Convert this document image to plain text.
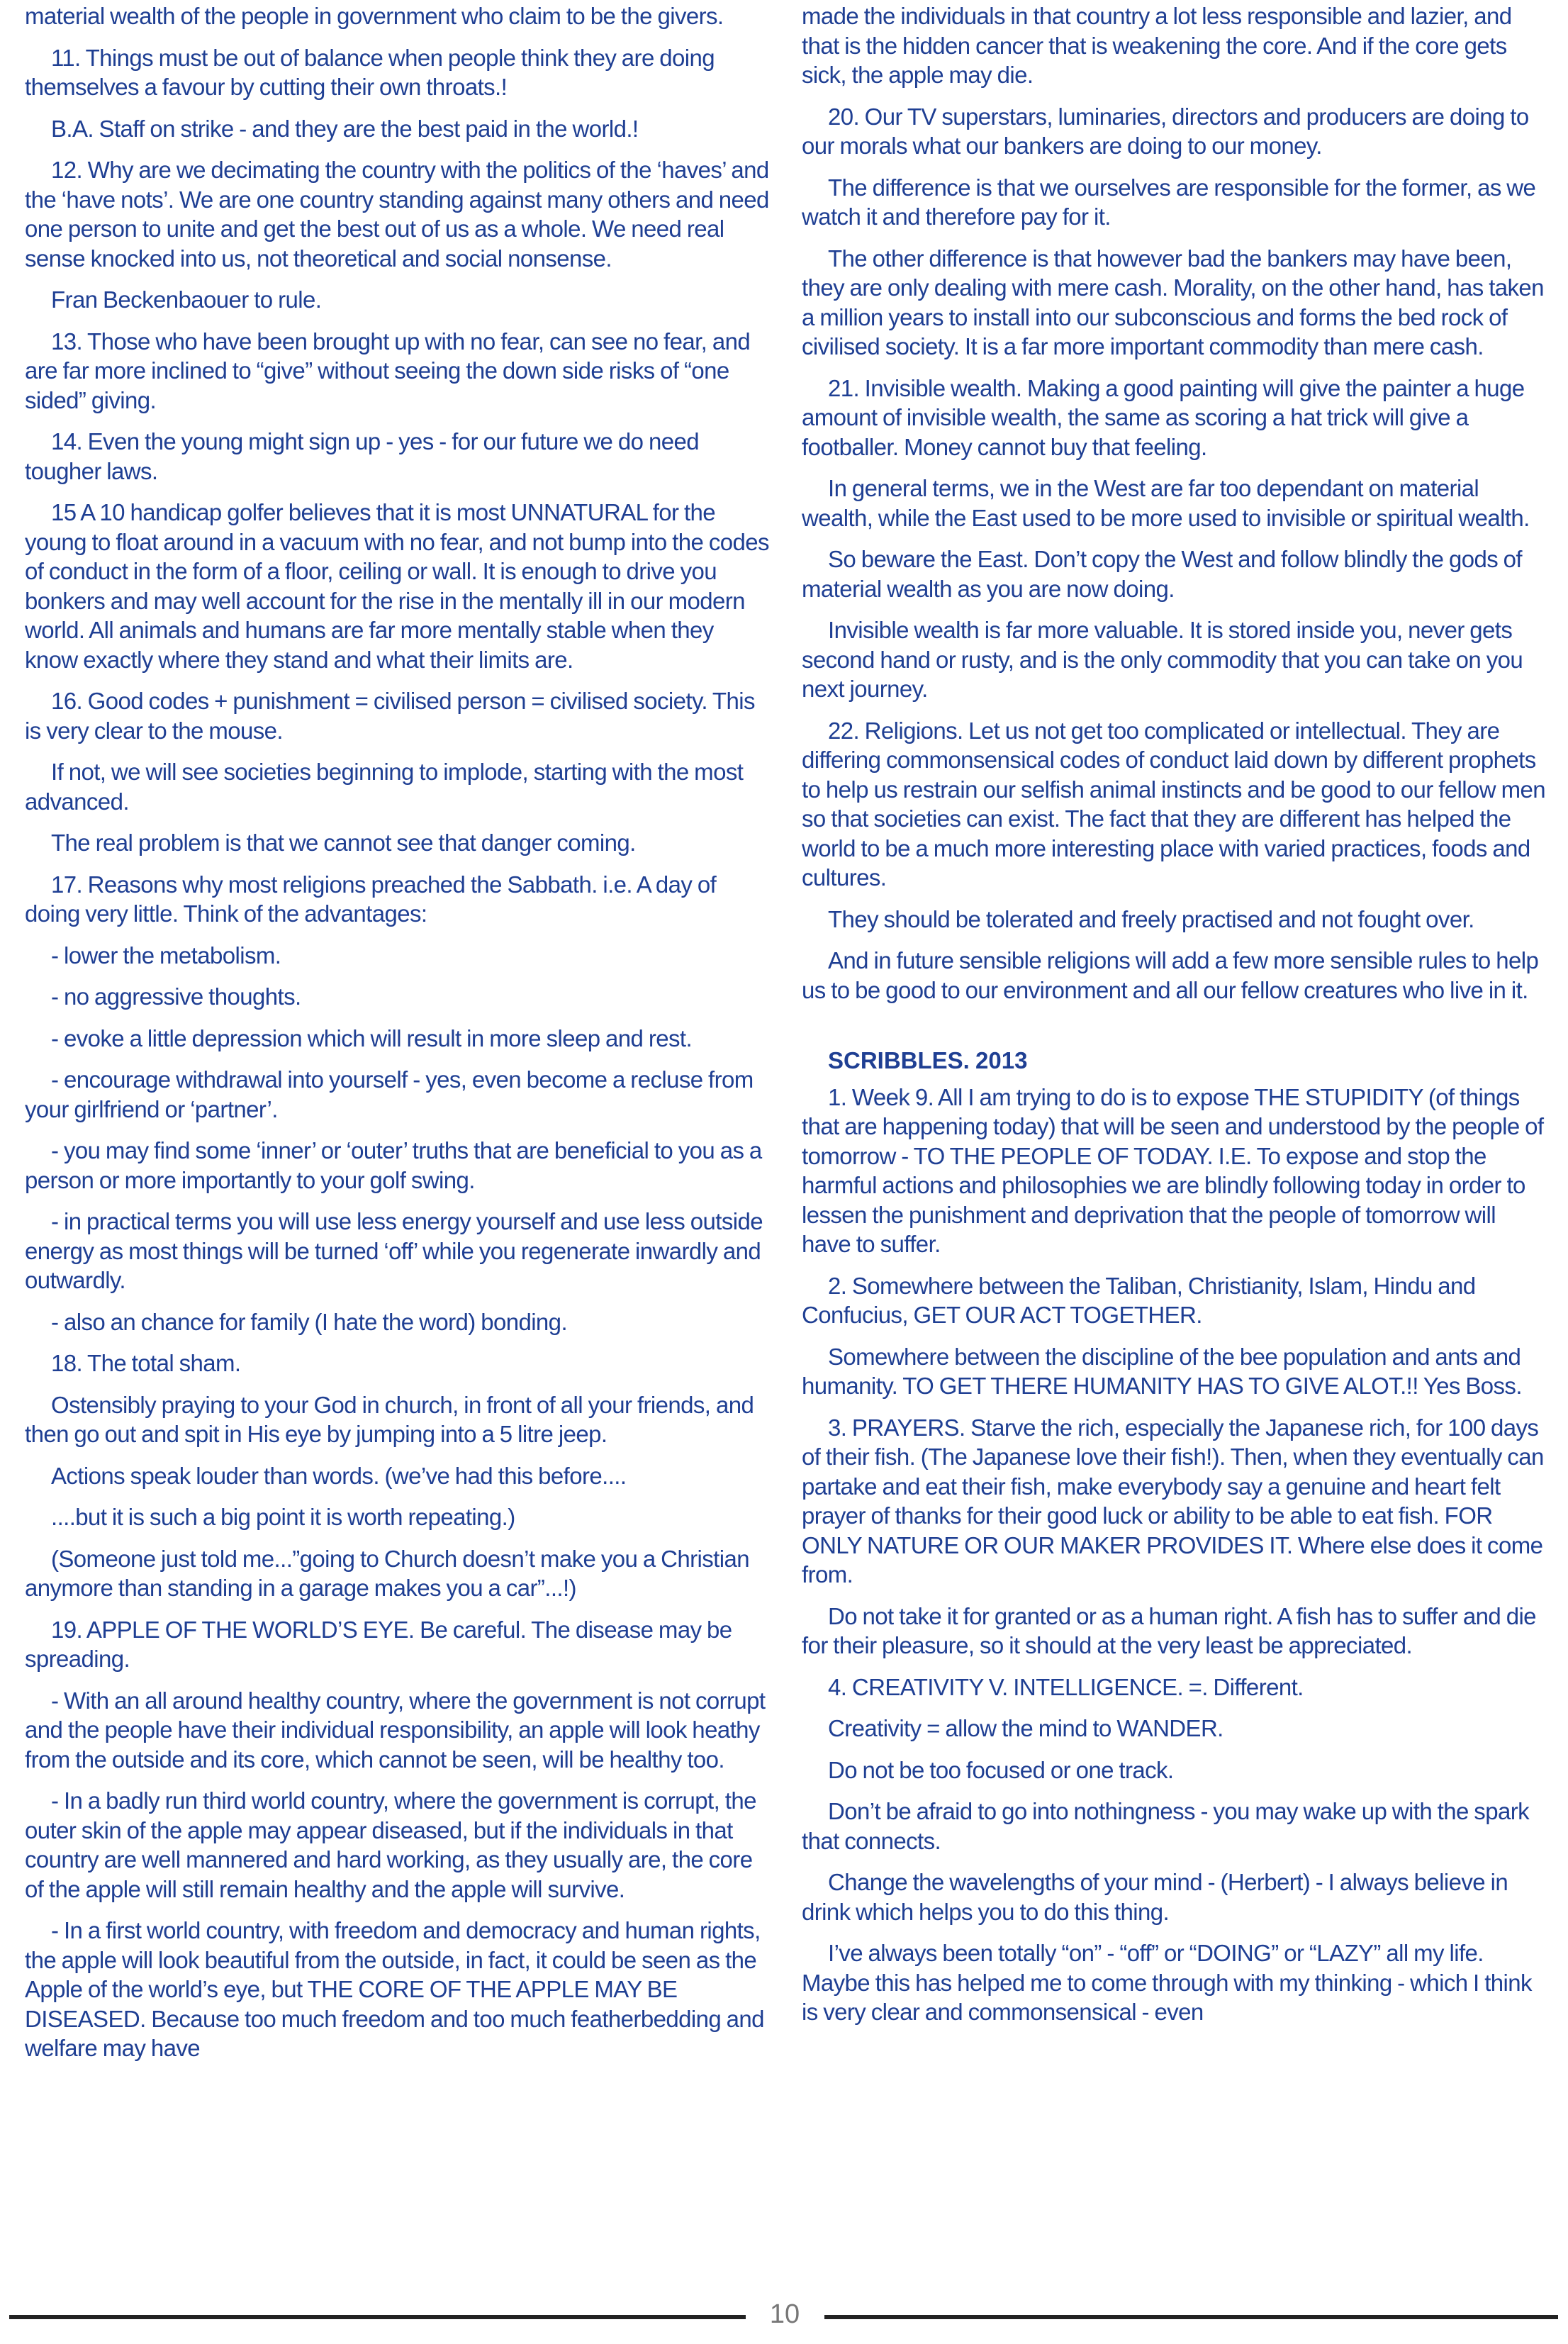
material wealth of the people in government who claim to be the givers.

11. Things must be out of balance when people think they are doing themselves a favour by cutting their own throats.!

B.A. Staff on strike - and they are the best paid in the world.!

12. Why are we decimating the country with the politics of the ‘haves’ and the ‘have nots’. We are one country standing against many others and need one person to unite and get the best out of us as a whole. We need real sense knocked into us, not theoretical and social nonsense.

Fran Beckenbaouer to rule.

13. Those who have been brought up with no fear, can see no fear, and are far more inclined to “give” without seeing the down side risks of “one sided” giving.

14. Even the young might sign up - yes - for our future we do need tougher laws.

15 A 10 handicap golfer believes that it is most UNNATURAL for the young to float around in a vacuum with no fear, and not bump into the codes of conduct in the form of a floor, ceiling or wall. It is enough to drive you bonkers and may well account for the rise in the mentally ill in our modern world. All animals and humans are far more mentally stable when they know exactly where they stand and what their limits are.

16. Good codes + punishment = civilised person = civilised society. This is very clear to the mouse.

If not, we will see societies beginning to implode, starting with the most advanced.

The real problem is that we cannot see that danger coming.

17. Reasons why most religions preached the Sabbath. i.e. A day of doing very little. Think of the advantages:

- lower the metabolism.

- no aggressive thoughts.

- evoke a little depression which will result in more sleep and rest.

- encourage withdrawal into yourself - yes, even become a recluse from your girlfriend or ‘partner’.

- you may find some ‘inner’ or ‘outer’ truths that are beneficial to you as a person or more importantly to your golf swing.

- in practical terms you will use less energy yourself and use less outside energy as most things will be turned ‘off’ while you regenerate inwardly and outwardly.

- also an chance for family (I hate the word) bonding.

18. The total sham.

Ostensibly praying to your God in church, in front of all your friends, and then go out and spit in His eye by jumping into a 5 litre jeep.

Actions speak louder than words. (we’ve had this before....

....but it is such a big point it is worth repeating.)

(Someone just told me...”going to Church doesn’t make you a Christian anymore than standing in a garage makes you a car”...!)

19. APPLE OF THE WORLD’S EYE. Be careful. The disease may be spreading.

- With an all around healthy country, where the government is not corrupt and the people have their individual responsibility, an apple will look heathy from the outside and its core, which cannot be seen, will be healthy too.

- In a badly run third world country, where the government is corrupt, the outer skin of the apple may appear diseased, but if the individuals in that country are well mannered and hard working, as they usually are, the core of the apple will still remain healthy and the apple will survive.

- In a first world country, with freedom and democracy and human rights, the apple will look beautiful from the outside, in fact, it could be seen as the Apple of the world’s eye, but THE CORE OF THE APPLE MAY BE DISEASED. Because too much freedom and too much featherbedding and welfare may have

made the individuals in that country a lot less responsible and lazier, and that is the hidden cancer that is weakening the core. And if the core gets sick, the apple may die.

20. Our TV superstars, luminaries, directors and producers are doing to our morals what our bankers are doing to our money.

The difference is that we ourselves are responsible for the former, as we watch it and therefore pay for it.

The other difference is that however bad the bankers may have been, they are only dealing with mere cash. Morality, on the other hand, has taken a million years to install into our subconscious and forms the bed rock of civilised society. It is a far more important commodity than mere cash.

21. Invisible wealth. Making a good painting will give the painter a huge amount of invisible wealth, the same as scoring a hat trick will give a footballer. Money cannot buy that feeling.

In general terms, we in the West are far too dependant on material wealth, while the East used to be more used to invisible or spiritual wealth.

So beware the East. Don’t copy the West and follow blindly the gods of material wealth as you are now doing.

Invisible wealth is far more valuable. It is stored inside you, never gets second hand or rusty, and is the only commodity that you can take on you next journey.

22. Religions. Let us not get too complicated or intellectual. They are differing commonsensical codes of conduct laid down by different prophets to help us restrain our selfish animal instincts and be good to our fellow men so that societies can exist. The fact that they are different has helped the world to be a much more interesting place with varied practices, foods and cultures.

They should be tolerated and freely practised and not fought over.

And in future sensible religions will add a few more sensible rules to help us to be good to our environment and all our fellow creatures who live in it.

SCRIBBLES. 2013

1. Week 9. All I am trying to do is to expose THE STUPIDITY (of things that are happening today) that will be seen and understood by the people of tomorrow - TO THE PEOPLE OF TODAY. I.E. To expose and stop the harmful actions and philosophies we are blindly following today in order to lessen the punishment and deprivation that the people of tomorrow will have to suffer.

2. Somewhere between the Taliban, Christianity, Islam, Hindu and Confucius, GET OUR ACT TOGETHER.

Somewhere between the discipline of the bee population and ants and humanity. TO GET THERE HUMANITY HAS TO GIVE ALOT.!! Yes Boss.

3. PRAYERS. Starve the rich, especially the Japanese rich, for 100 days of their fish. (The Japanese love their fish!). Then, when they eventually can partake and eat their fish, make everybody say a genuine and heart felt prayer of thanks for their good luck or ability to be able to eat fish. FOR ONLY NATURE OR OUR MAKER PROVIDES IT. Where else does it come from.

Do not take it for granted or as a human right. A fish has to suffer and die for their pleasure, so it should at the very least be appreciated.

4. CREATIVITY V. INTELLIGENCE. =. Different.

Creativity = allow the mind to WANDER.

Do not be too focused or one track.

Don’t be afraid to go into nothingness - you may wake up with the spark that connects.

Change the wavelengths of your mind - (Herbert) - I always believe in drink which helps you to do this thing.

I’ve always been totally “on” - “off” or “DOING” or “LAZY” all my life. Maybe this has helped me to come through with my thinking - which I think is very clear and commonsensical - even

10
